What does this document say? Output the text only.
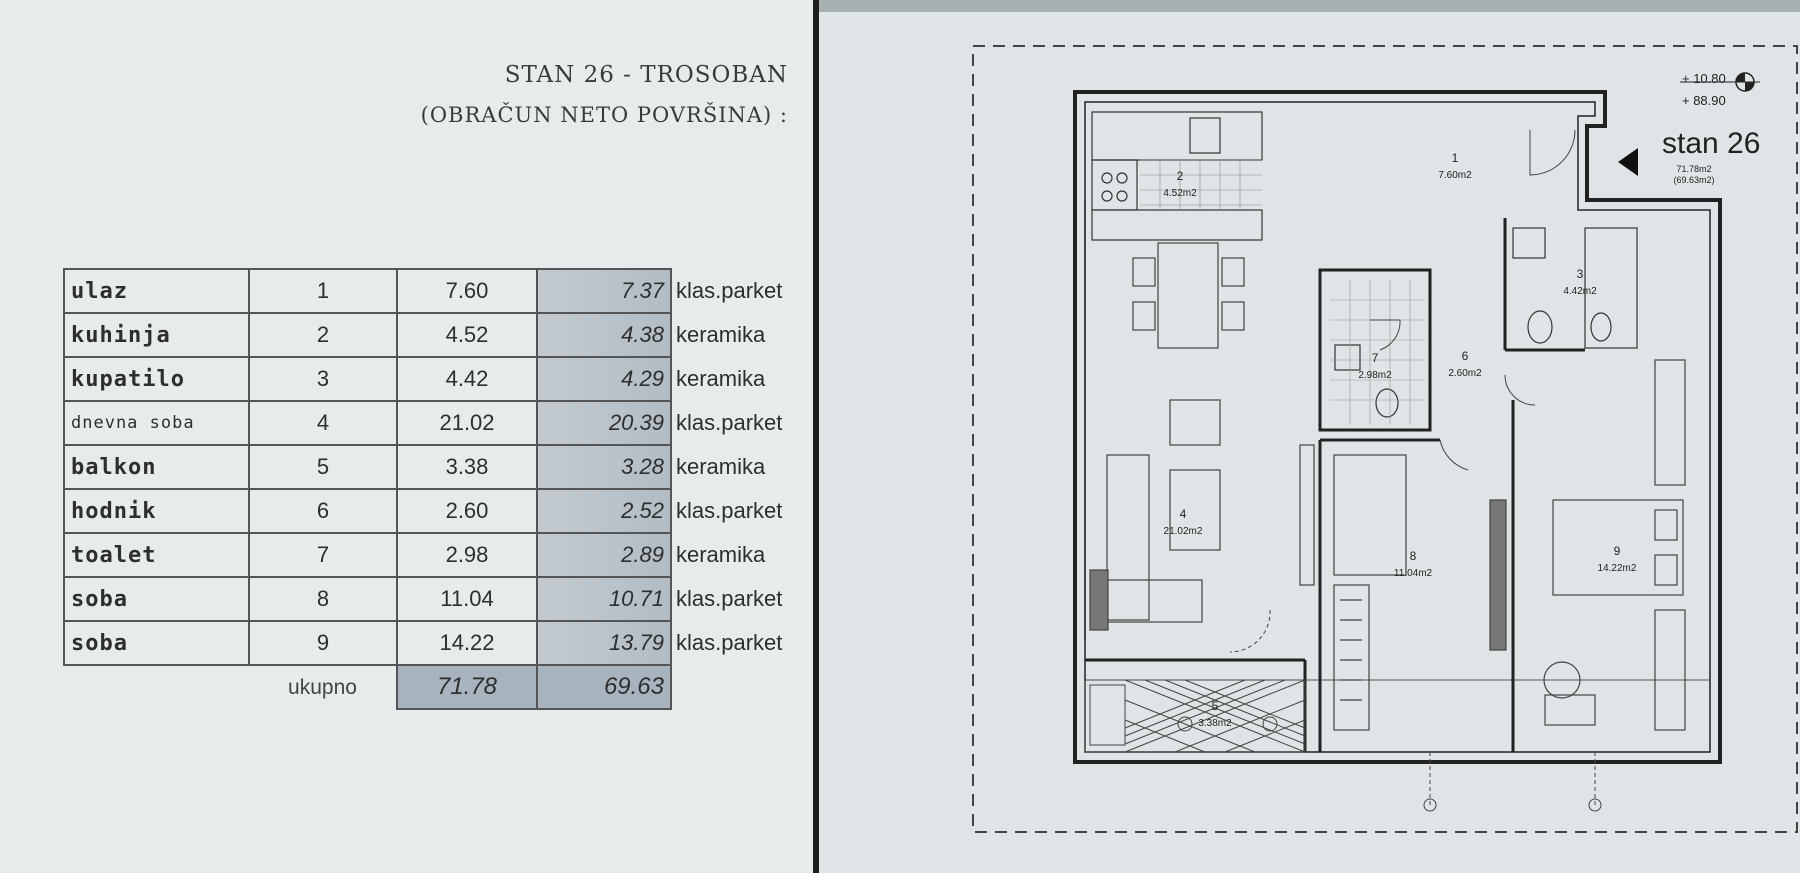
STAN 26 - TROSOBAN
(OBRAČUN NETO POVRŠINA) :
ulaz	1	7.60	7.37	klas.parket
kuhinja	2	4.52	4.38	keramika
kupatilo	3	4.42	4.29	keramika
dnevna soba	4	21.02	20.39	klas.parket
balkon	5	3.38	3.28	keramika
hodnik	6	2.60	2.52	klas.parket
toalet	7	2.98	2.89	keramika
soba	8	11.04	10.71	klas.parket
soba	9	14.22	13.79	klas.parket
	ukupno	71.78	69.63	
1
7.60m2
2
4.52m2
3
4.42m2
4
21.02m2
5
3.38m2
6
2.60m2
7
2.98m2
8
11.04m2
9
14.22m2
71.78m2
(69.63m2)
stan 26
+ 10.80
+ 88.90
